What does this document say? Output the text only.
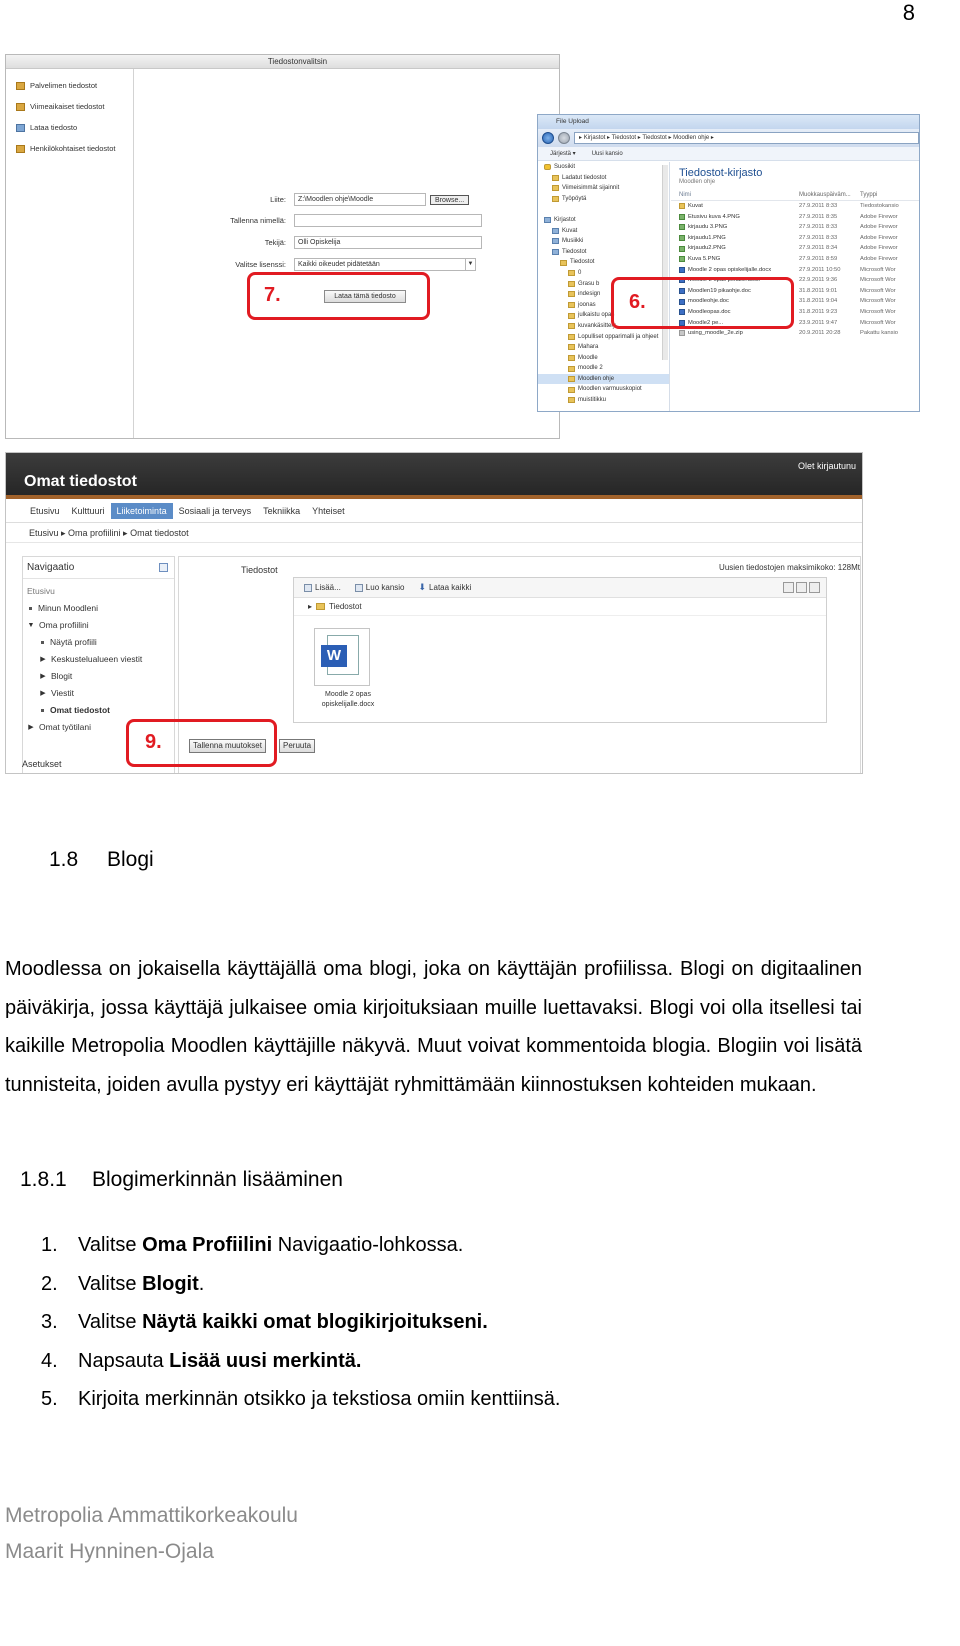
8
Tiedostonvalitsin
Palvelimen tiedostot
Viimeaikaiset tiedostot
Lataa tiedosto
Henkilökohtaiset tiedostot
Liite:	Z:\Moodlen ohje\Moodle	Browse...
Tallenna nimellä:
Tekijä:	Olli Opiskelija
Valitse lisenssi:	Kaikki oikeudet pidätetään	▼
Lataa tämä tiedosto
7.
File Upload
▸ Kirjastot ▸ Tiedostot ▸ Tiedostot ▸ Moodlen ohje ▸
Järjestä ▾	Uusi kansio
Suosikit
Ladatut tiedostot
Viimeisimmät sijainnit
Työpöytä
Kirjastot
Kuvat
Musiikki
Tiedostot
Tiedostot
0
Grasu b
indesign
joonas
julkaistu opas
kuvankäsittely
Lopulliset opparimalli ja ohjeet
Mahara
Moodle
moodle 2
Moodlen ohje
Moodlen varmuuskopiot
muistitikku
Tiedostot-kirjasto
Moodlen ohje
Nimi	Muokkauspäiväm...	Tyyppi
Kuvat	27.9.2011 8:33	Tiedostokansio
Etusivu kuva 4.PNG	27.9.2011 8:35	Adobe Firewor
kirjaudu 3.PNG	27.9.2011 8:33	Adobe Firewor
kirjaudu1.PNG	27.9.2011 8:33	Adobe Firewor
kirjaudu2.PNG	27.9.2011 8:34	Adobe Firewor
Kuva 5.PNG	27.9.2011 8:59	Adobe Firewor
Moodle 2 opas opiskelijalle.docx	27.9.2011 10:50	Microsoft Wor
Moodle 2 opas pekalle.docx	22.9.2011 9:36	Microsoft Wor
Moodlen19 pikaohje.doc	31.8.2011 9:01	Microsoft Wor
moodleohje.doc	31.8.2011 9:04	Microsoft Wor
Moodleopas.doc	31.8.2011 9:23	Microsoft Wor
Moodle2 pe...	23.9.2011 9:47	Microsoft Wor
using_moodle_2e.zip	20.9.2011 20:28	Pakattu kansio
6.
Omat tiedostot
Olet kirjautunu
Etusivu	Kulttuuri	Liiketoiminta	Sosiaali ja terveys	Tekniikka	Yhteiset
Etusivu ▸ Oma profiilini ▸ Omat tiedostot
Navigaatio
Etusivu
Minun Moodleni
▼ Oma profiilini
Näytä profiili
▶ Keskustelualueen viestit
▶ Blogit
▶ Viestit
Omat tiedostot
▶ Omat työtilani
Asetukset
Tiedostot	Uusien tiedostojen maksimikoko: 128Mt
Lisää...	Luo kansio ⬇ Lataa kaikki
▸ Tiedostot
W
Moodle 2 opas opiskelijalle.docx
Tallenna muutokset	Peruuta
9.
1.8 Blogi
Moodlessa on jokaisella käyttäjällä oma blogi, joka on käyttäjän profiilissa. Blogi on digitaalinen päiväkirja, jossa käyttäjä julkaisee omia kirjoituksiaan muille luettavaksi. Blogi voi olla itsellesi tai kaikille Metropolia Moodlen käyttäjille näkyvä. Muut voivat kommentoida blogia. Blogiin voi lisätä tunnisteita, joiden avulla pystyy eri käyttäjät ryhmittämään kiinnostuksen kohteiden mukaan.
1.8.1 Blogimerkinnän lisääminen
1. Valitse Oma Profiilini Navigaatio-lohkossa.
2. Valitse Blogit.
3. Valitse Näytä kaikki omat blogikirjoitukseni.
4. Napsauta Lisää uusi merkintä.
5. Kirjoita merkinnän otsikko ja tekstiosa omiin kenttiinsä.
Metropolia Ammattikorkeakoulu
Maarit Hynninen-Ojala
